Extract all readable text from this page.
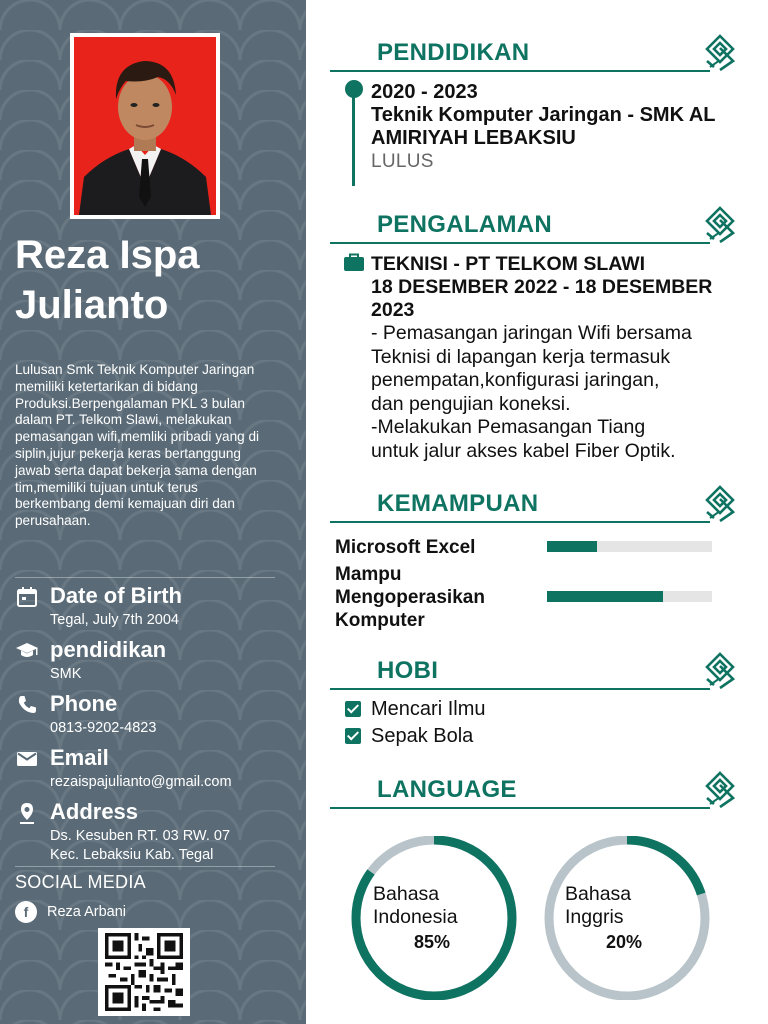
Reza Ispa
Julianto
Lulusan Smk Teknik Komputer Jaringan memiliki ketertarikan di bidang Produksi.Berpengalaman PKL 3 bulan dalam PT. Telkom Slawi, melakukan pemasangan wifi,memliki pribadi yang di siplin,jujur pekerja keras bertanggung jawab serta dapat bekerja sama dengan tim,memiliki tujuan untuk terus berkembang demi kemajuan diri dan perusahaan.
Date of Birth
Tegal, July 7th 2004
pendidikan
SMK
Phone
0813-9202-4823
Email
rezaispajulianto@gmail.com
Address
Ds. Kesuben RT. 03 RW. 07
Kec. Lebaksiu Kab. Tegal
SOCIAL MEDIA
f	Reza Arbani
PENDIDIKAN
2020 - 2023
Teknik Komputer Jaringan - SMK AL
AMIRIYAH LEBAKSIU
LULUS
PENGALAMAN
TEKNISI - PT TELKOM SLAWI
18 DESEMBER 2022 - 18 DESEMBER
2023
- Pemasangan jaringan Wifi bersama
Teknisi di lapangan kerja termasuk
penempatan,konfigurasi jaringan,
dan pengujian koneksi.
-Melakukan Pemasangan Tiang
untuk jalur akses kabel Fiber Optik.
KEMAMPUAN
Microsoft Excel
Mampu
Mengoperasikan
Komputer
HOBI
Mencari Ilmu
Sepak Bola
LANGUAGE
Bahasa
Indonesia
85%
Bahasa
Inggris
20%
